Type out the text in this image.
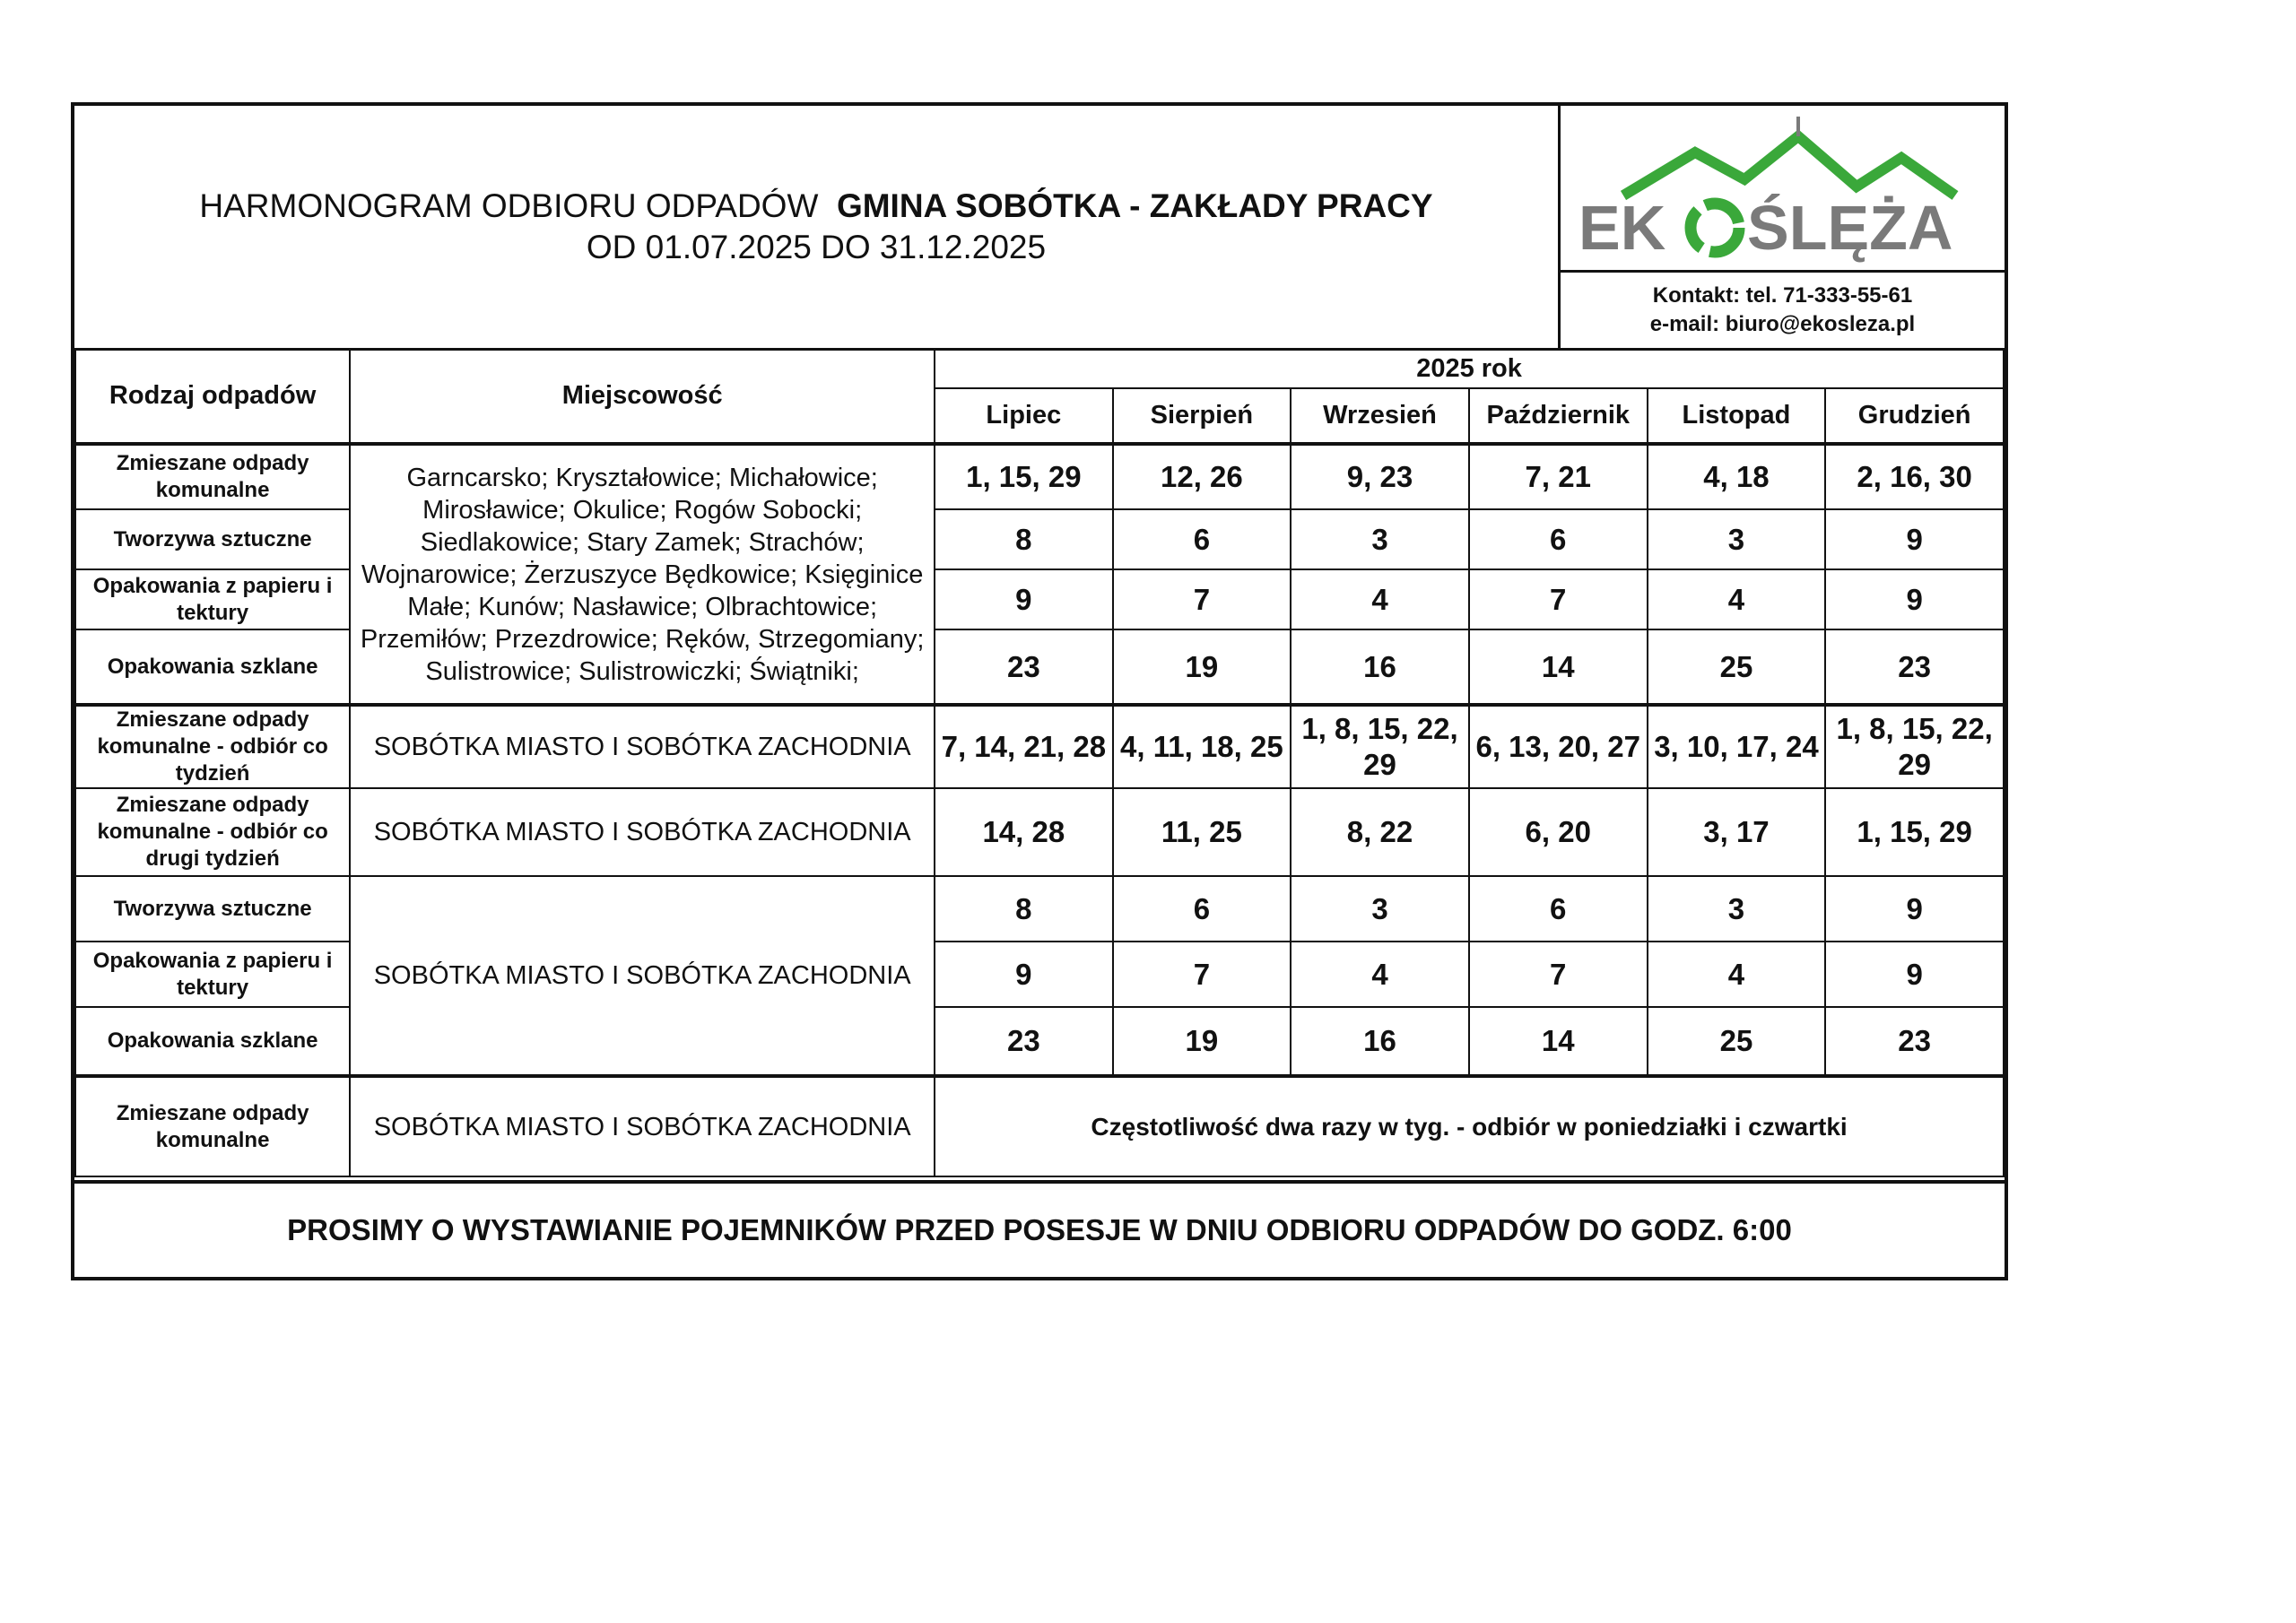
HARMONOGRAM ODBIORU ODPADÓW GMINA SOBÓTKA - ZAKŁADY PRACY
OD 01.07.2025 DO 31.12.2025	EK ŚLĘŻA
Kontakt: tel. 71-333-55-61
e-mail: biuro@ekosleza.pl
Rodzaj odpadów	Miejscowość	2025 rok					
		Lipiec	Sierpień	Wrzesień	Październik	Listopad	Grudzień
Zmieszane odpady komunalne	Garncarsko; Kryształowice; Michałowice; Mirosławice; Okulice; Rogów Sobocki; Siedlakowice; Stary Zamek; Strachów; Wojnarowice; Żerzuszyce Będkowice; Księginice Małe; Kunów; Nasławice; Olbrachtowice; Przemiłów; Przezdrowice; Ręków, Strzegomiany; Sulistrowice; Sulistrowiczki; Świątniki;	1, 15, 29	12, 26	9, 23	7, 21	4, 18	2, 16, 30
Tworzywa sztuczne		8	6	3	6	3	9
Opakowania z papieru i tektury		9	7	4	7	4	9
Opakowania szklane		23	19	16	14	25	23
Zmieszane odpady komunalne - odbiór co tydzień	SOBÓTKA MIASTO I SOBÓTKA ZACHODNIA	7, 14, 21, 28	4, 11, 18, 25	1, 8, 15, 22, 29	6, 13, 20, 27	3, 10, 17, 24	1, 8, 15, 22, 29
Zmieszane odpady komunalne - odbiór co drugi tydzień	SOBÓTKA MIASTO I SOBÓTKA ZACHODNIA	14, 28	11, 25	8, 22	6, 20	3, 17	1, 15, 29
Tworzywa sztuczne	SOBÓTKA MIASTO I SOBÓTKA ZACHODNIA	8	6	3	6	3	9
Opakowania z papieru i tektury		9	7	4	7	4	9
Opakowania szklane		23	19	16	14	25	23
Zmieszane odpady komunalne	SOBÓTKA MIASTO I SOBÓTKA ZACHODNIA	Częstotliwość dwa razy w tyg. - odbiór w poniedziałki i czwartki					
PROSIMY O WYSTAWIANIE POJEMNIKÓW PRZED POSESJE W DNIU ODBIORU ODPADÓW DO GODZ. 6:00
